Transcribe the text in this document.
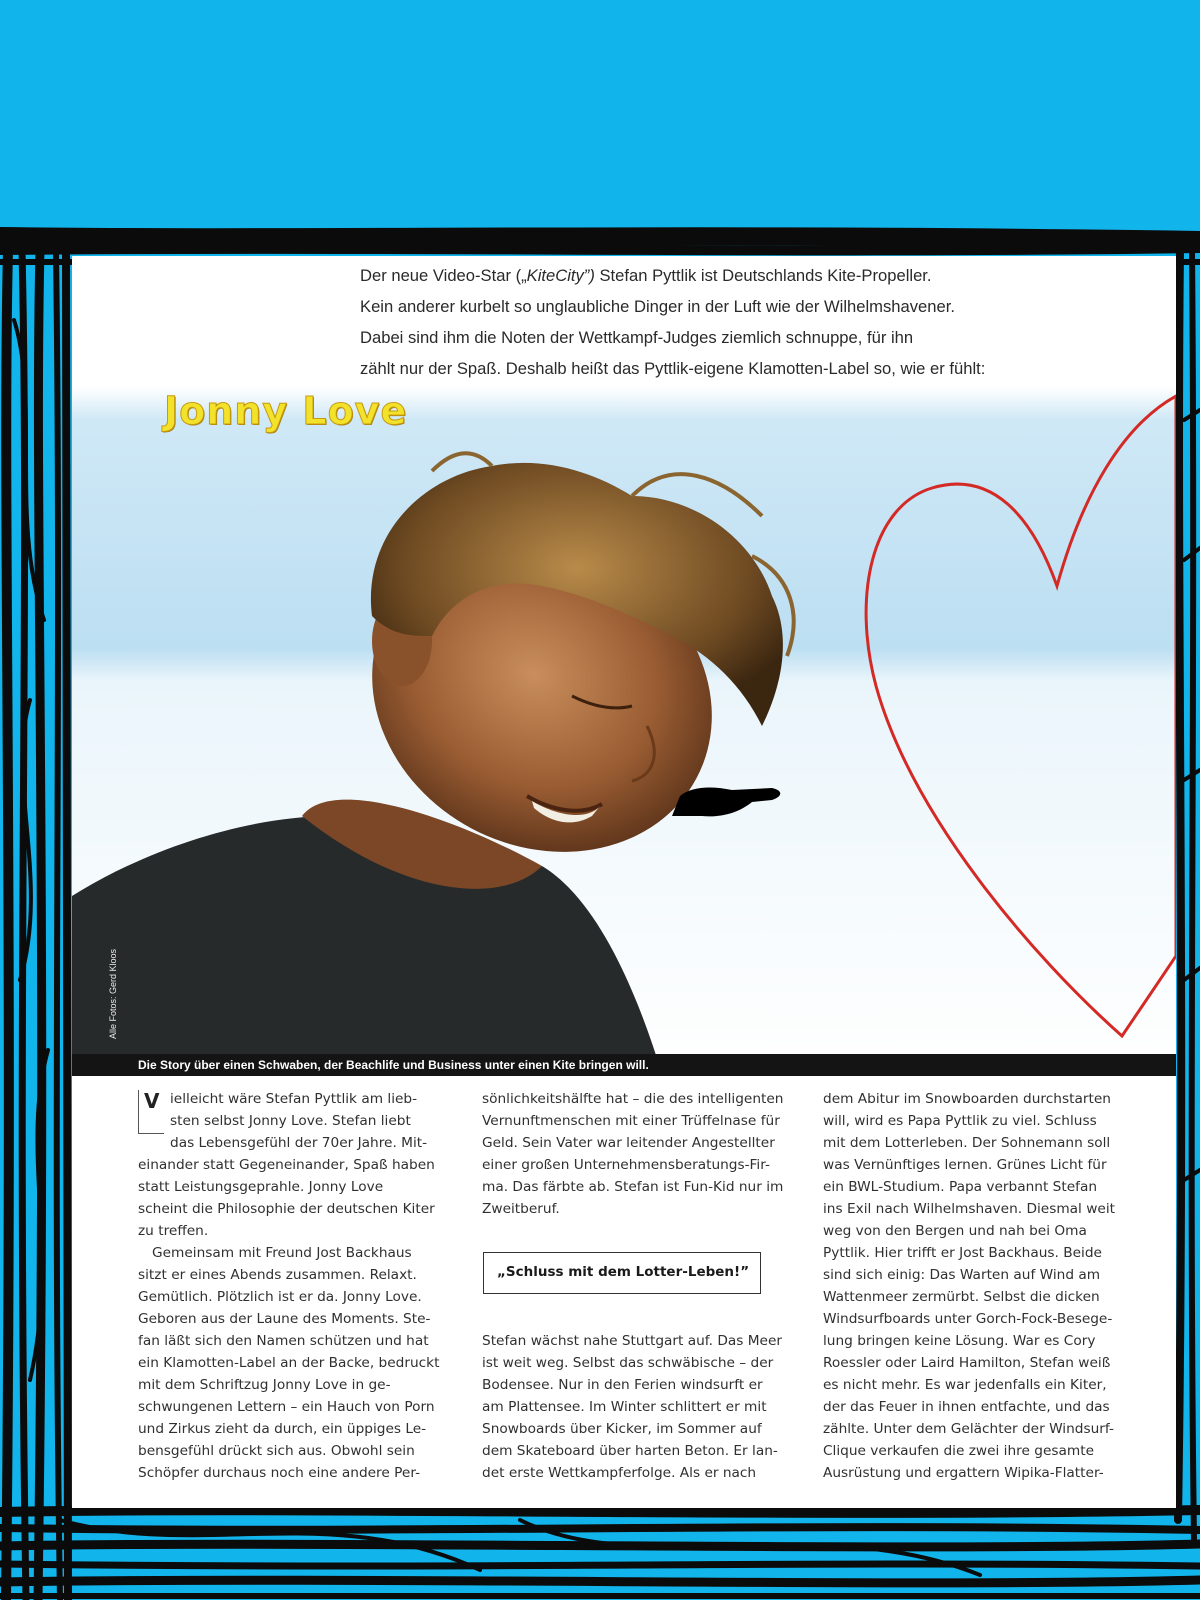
Der neue Video-Star („KiteCity”) Stefan Pyttlik ist Deutschlands Kite-Propeller.

Kein anderer kurbelt so unglaubliche Dinger in der Luft wie der Wilhelmshavener.

Dabei sind ihm die Noten der Wettkampf-Judges ziemlich schnuppe, für ihn

zählt nur der Spaß. Deshalb heißt das Pyttlik-eigene Klamotten-Label so, wie er fühlt:

Jonny Love
Alle Fotos: Gerd Kloos
Die Story über einen Schwaben, der Beachlife und Business unter einen Kite bringen will.
V ielleicht wäre Stefan Pyttlik am lieb-
sten selbst Jonny Love. Stefan liebt
das Lebensgefühl der 70er Jahre. Mit-
einander statt Gegeneinander, Spaß haben
statt Leistungsgeprahle. Jonny Love
scheint die Philosophie der deutschen Kiter
zu treffen.
Gemeinsam mit Freund Jost Backhaus
sitzt er eines Abends zusammen. Relaxt.
Gemütlich. Plötzlich ist er da. Jonny Love.
Geboren aus der Laune des Moments. Ste-
fan läßt sich den Namen schützen und hat
ein Klamotten-Label an der Backe, bedruckt
mit dem Schriftzug Jonny Love in ge-
schwungenen Lettern – ein Hauch von Porn
und Zirkus zieht da durch, ein üppiges Le-
bensgefühl drückt sich aus. Obwohl sein
Schöpfer durchaus noch eine andere Per-
sönlichkeitshälfte hat – die des intelligenten
Vernunftmenschen mit einer Trüffelnase für
Geld. Sein Vater war leitender Angestellter
einer großen Unternehmensberatungs-Fir-
ma. Das färbte ab. Stefan ist Fun-Kid nur im
Zweitberuf.
Stefan wächst nahe Stuttgart auf. Das Meer
ist weit weg. Selbst das schwäbische – der
Bodensee. Nur in den Ferien windsurft er
am Plattensee. Im Winter schlittert er mit
Snowboards über Kicker, im Sommer auf
dem Skateboard über harten Beton. Er lan-
det erste Wettkampferfolge. Als er nach
dem Abitur im Snowboarden durchstarten
will, wird es Papa Pyttlik zu viel. Schluss
mit dem Lotterleben. Der Sohnemann soll
was Vernünftiges lernen. Grünes Licht für
ein BWL-Studium. Papa verbannt Stefan
ins Exil nach Wilhelmshaven. Diesmal weit
weg von den Bergen und nah bei Oma
Pyttlik. Hier trifft er Jost Backhaus. Beide
sind sich einig: Das Warten auf Wind am
Wattenmeer zermürbt. Selbst die dicken
Windsurfboards unter Gorch-Fock-Besege-
lung bringen keine Lösung. War es Cory
Roessler oder Laird Hamilton, Stefan weiß
es nicht mehr. Es war jedenfalls ein Kiter,
der das Feuer in ihnen entfachte, und das
zählte. Unter dem Gelächter der Windsurf-
Clique verkaufen die zwei ihre gesamte
Ausrüstung und ergattern Wipika-Flatter-
„Schluss mit dem Lotter-Leben!”
